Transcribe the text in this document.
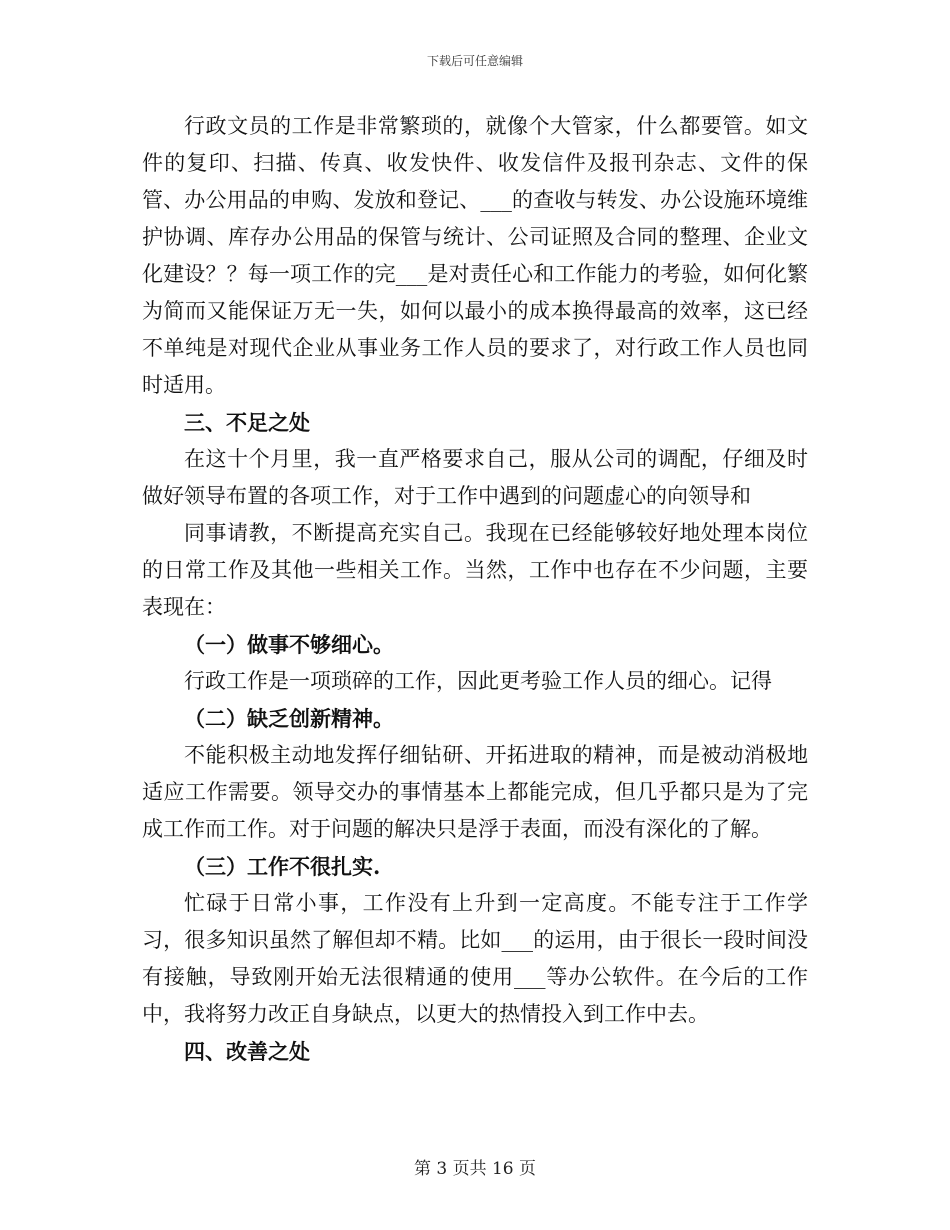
下载后可任意编辑

行政文员的工作是非常繁琐的，就像个大管家，什么都要管。如文件的复印、扫描、传真、收发快件、收发信件及报刊杂志、文件的保管、办公用品的申购、发放和登记、___的查收与转发、办公设施环境维护协调、库存办公用品的保管与统计、公司证照及合同的整理、企业文化建设？？每一项工作的完___是对责任心和工作能力的考验，如何化繁为简而又能保证万无一失，如何以最小的成本换得最高的效率，这已经不单纯是对现代企业从事业务工作人员的要求了，对行政工作人员也同时适用。

三、不足之处

在这十个月里，我一直严格要求自己，服从公司的调配，仔细及时做好领导布置的各项工作，对于工作中遇到的问题虚心的向领导和

同事请教，不断提高充实自己。我现在已经能够较好地处理本岗位的日常工作及其他一些相关工作。当然，工作中也存在不少问题，主要表现在：

（一）做事不够细心。

行政工作是一项琐碎的工作，因此更考验工作人员的细心。记得

（二）缺乏创新精神。

不能积极主动地发挥仔细钻研、开拓进取的精神，而是被动消极地适应工作需要。领导交办的事情基本上都能完成，但几乎都只是为了完成工作而工作。对于问题的解决只是浮于表面，而没有深化的了解。

（三）工作不很扎实.

忙碌于日常小事，工作没有上升到一定高度。不能专注于工作学习，很多知识虽然了解但却不精。比如___的运用，由于很长一段时间没有接触，导致刚开始无法很精通的使用___等办公软件。在今后的工作中，我将努力改正自身缺点，以更大的热情投入到工作中去。

四、改善之处

第 3 页共 16 页
